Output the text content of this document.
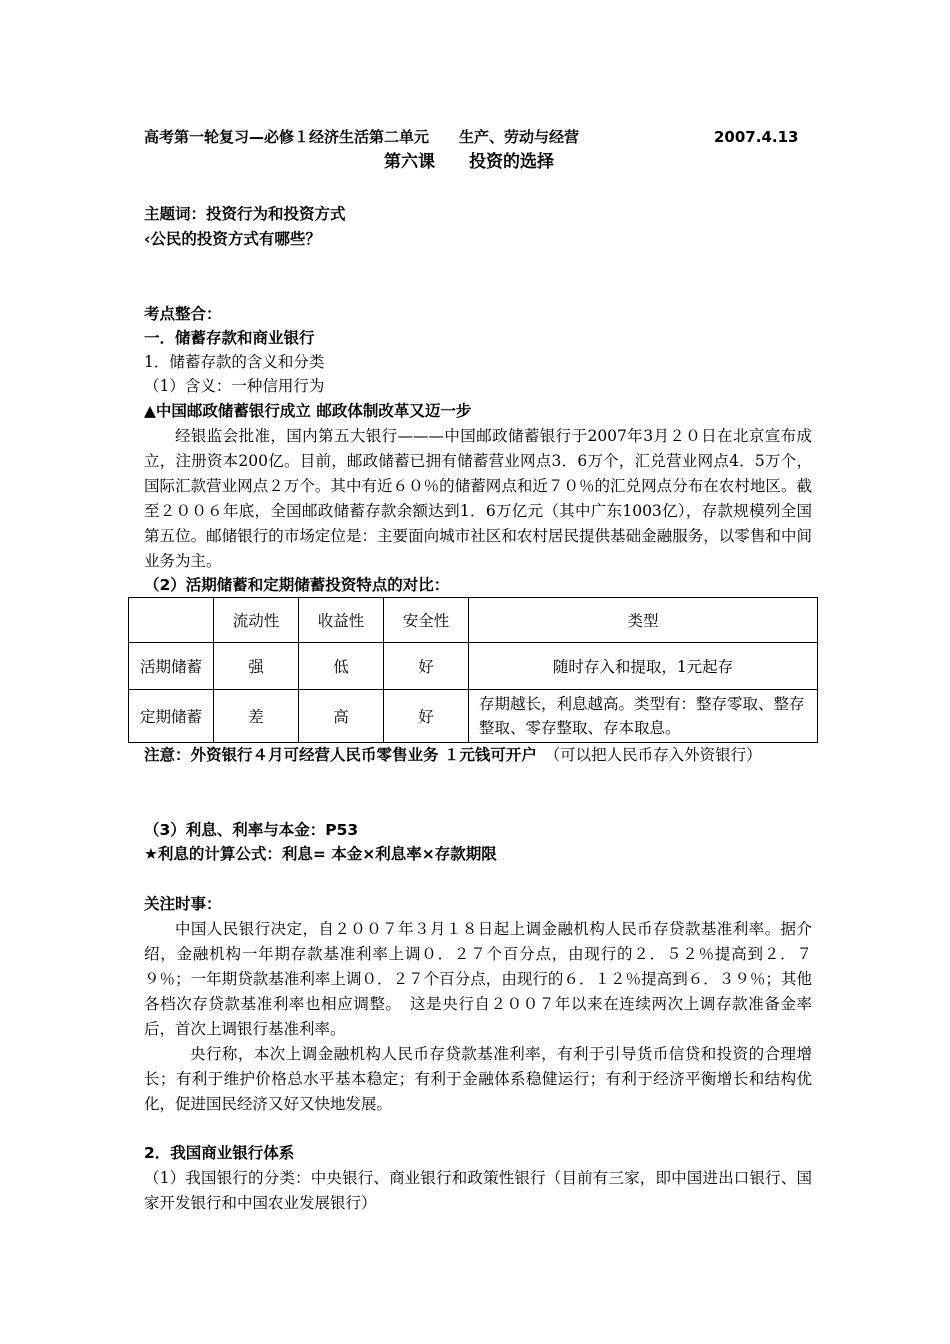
高考第一轮复习—必修１经济生活第二单元　　生产、劳动与经营	2007.4.13
第六课　　投资的选择
主题词：投资行为和投资方式
‹公民的投资方式有哪些？
考点整合：
一．储蓄存款和商业银行
1．储蓄存款的含义和分类
（1）含义：一种信用行为
▲中国邮政储蓄银行成立 邮政体制改革又迈一步
经银监会批准，国内第五大银行———中国邮政储蓄银行于2007年3月２０日在北京宣布成立，注册资本200亿。目前，邮政储蓄已拥有储蓄营业网点3．6万个，汇兑营业网点4．5万个，国际汇款营业网点２万个。其中有近６０％的储蓄网点和近７０％的汇兑网点分布在农村地区。截至２００６年底，全国邮政储蓄存款余额达到1．6万亿元（其中广东1003亿），存款规模列全国第五位。邮储银行的市场定位是：主要面向城市社区和农村居民提供基础金融服务，以零售和中间业务为主。
（2）活期储蓄和定期储蓄投资特点的对比：
	流动性	收益性	安全性	类型
活期储蓄	强	低	好	随时存入和提取，1元起存
定期储蓄	差	高	好	存期越长，利息越高。类型有：整存零取、整存整取、零存整取、存本取息。
注意：外资银行４月可经营人民币零售业务 １元钱可开户　（可以把人民币存入外资银行）
（3）利息、利率与本金：P53
★利息的计算公式：利息= 本金×利息率×存款期限
关注时事：
中国人民银行决定，自２００７年３月１８日起上调金融机构人民币存贷款基准利率。据介绍，金融机构一年期存款基准利率上调０．２７个百分点，由现行的２．５２％提高到２．７９％；一年期贷款基准利率上调０．２７个百分点，由现行的６．１２％提高到６．３９％；其他各档次存贷款基准利率也相应调整。　这是央行自２００７年以来在连续两次上调存款准备金率后，首次上调银行基准利率。
央行称，本次上调金融机构人民币存贷款基准利率，有利于引导货币信贷和投资的合理增长；有利于维护价格总水平基本稳定；有利于金融体系稳健运行；有利于经济平衡增长和结构优化，促进国民经济又好又快地发展。
2．我国商业银行体系
（1）我国银行的分类：中央银行、商业银行和政策性银行（目前有三家，即中国进出口银行、国家开发银行和中国农业发展银行）
